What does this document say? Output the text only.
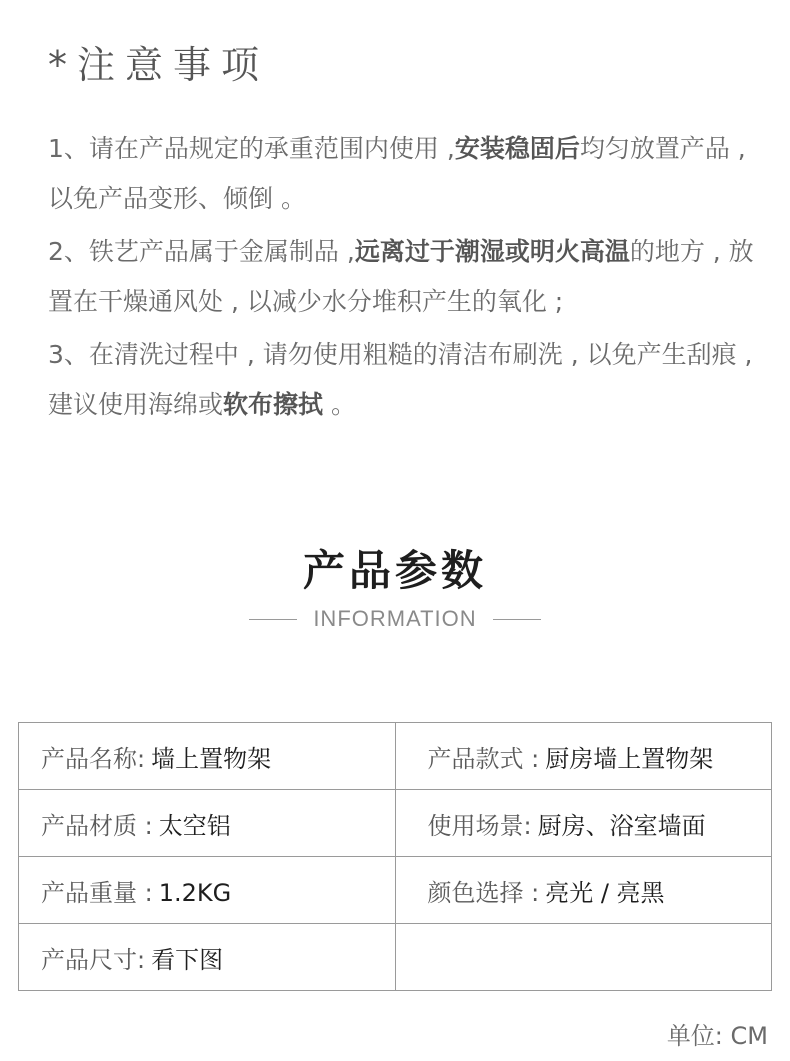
*注意事项
1、请在产品规定的承重范围内使用 ,安装稳固后均匀放置产品 , 以免产品变形、倾倒 。
2、铁艺产品属于金属制品 ,远离过于潮湿或明火高温的地方 , 放置在干燥通风处 , 以减少水分堆积产生的氧化 ;
3、在清洗过程中 , 请勿使用粗糙的清洁布刷洗 , 以免产生刮痕 , 建议使用海绵或软布擦拭 。
产品参数
INFORMATION
产品名称: 墙上置物架	产品款式 : 厨房墙上置物架
产品材质 : 太空铝	使用场景: 厨房、浴室墙面
产品重量 : 1.2KG	颜色选择 : 亮光 / 亮黑
产品尺寸: 看下图	
单位: CM
